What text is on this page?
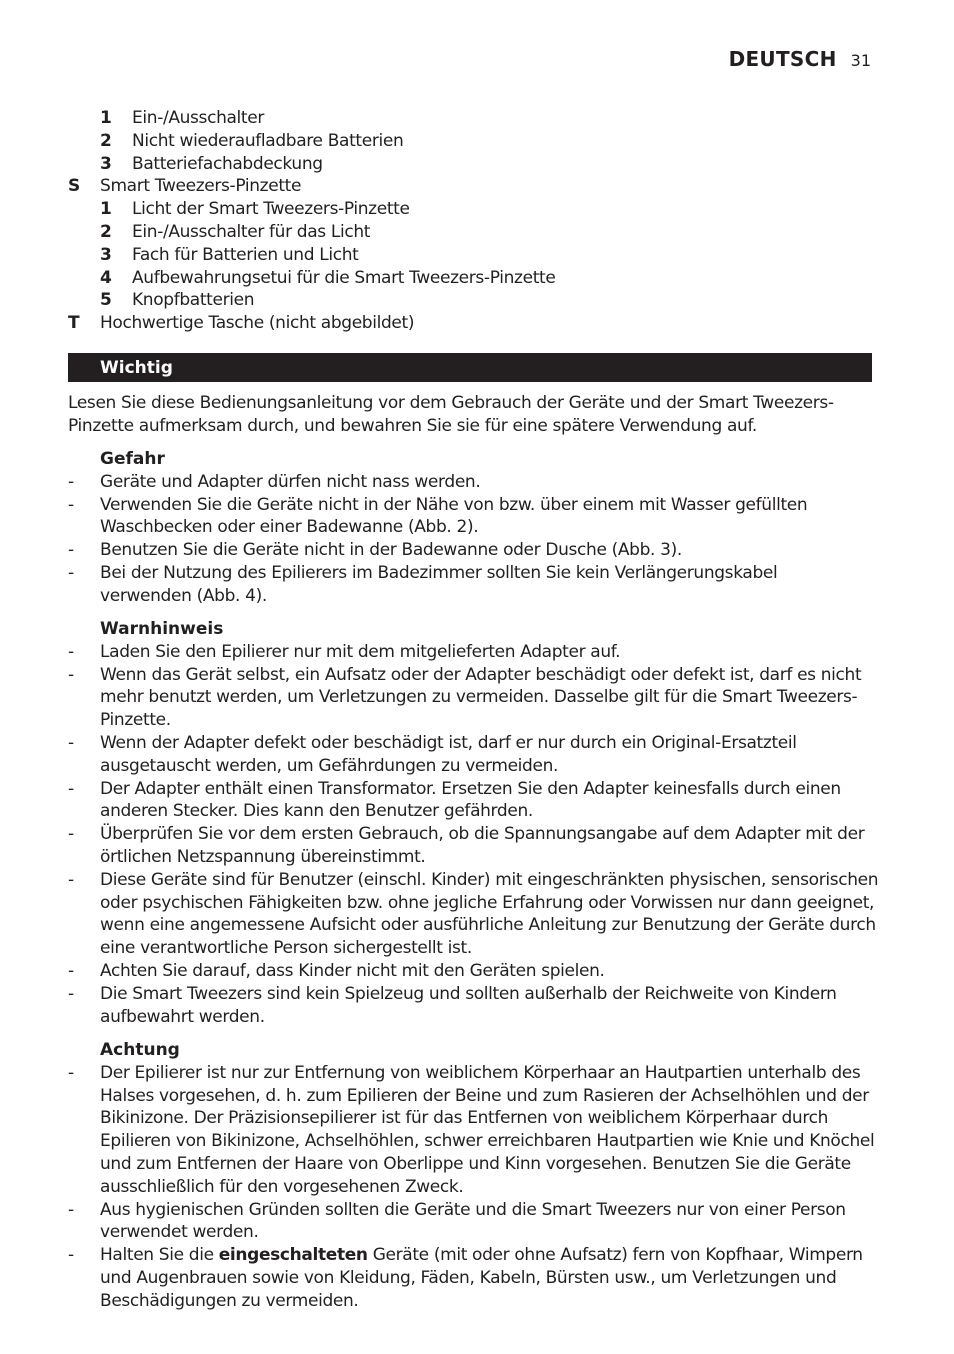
DEUTSCH 31
1 Ein-/Ausschalter
2 Nicht wiederaufladbare Batterien
3 Batteriefachabdeckung
S Smart Tweezers-Pinzette
1 Licht der Smart Tweezers-Pinzette
2 Ein-/Ausschalter für das Licht
3 Fach für Batterien und Licht
4 Aufbewahrungsetui für die Smart Tweezers-Pinzette
5 Knopfbatterien
T Hochwertige Tasche (nicht abgebildet)
Wichtig
Lesen Sie diese Bedienungsanleitung vor dem Gebrauch der Geräte und der Smart Tweezers-
Pinzette aufmerksam durch, und bewahren Sie sie für eine spätere Verwendung auf.
Gefahr
- Geräte und Adapter dürfen nicht nass werden.
- Verwenden Sie die Geräte nicht in der Nähe von bzw. über einem mit Wasser gefüllten
Waschbecken oder einer Badewanne (Abb. 2).
- Benutzen Sie die Geräte nicht in der Badewanne oder Dusche (Abb. 3).
- Bei der Nutzung des Epilierers im Badezimmer sollten Sie kein Verlängerungskabel
verwenden (Abb. 4).
Warnhinweis
- Laden Sie den Epilierer nur mit dem mitgelieferten Adapter auf.
- Wenn das Gerät selbst, ein Aufsatz oder der Adapter beschädigt oder defekt ist, darf es nicht
mehr benutzt werden, um Verletzungen zu vermeiden. Dasselbe gilt für die Smart Tweezers-
Pinzette.
- Wenn der Adapter defekt oder beschädigt ist, darf er nur durch ein Original-Ersatzteil
ausgetauscht werden, um Gefährdungen zu vermeiden.
- Der Adapter enthält einen Transformator. Ersetzen Sie den Adapter keinesfalls durch einen
anderen Stecker. Dies kann den Benutzer gefährden.
- Überprüfen Sie vor dem ersten Gebrauch, ob die Spannungsangabe auf dem Adapter mit der
örtlichen Netzspannung übereinstimmt.
- Diese Geräte sind für Benutzer (einschl. Kinder) mit eingeschränkten physischen, sensorischen
oder psychischen Fähigkeiten bzw. ohne jegliche Erfahrung oder Vorwissen nur dann geeignet,
wenn eine angemessene Aufsicht oder ausführliche Anleitung zur Benutzung der Geräte durch
eine verantwortliche Person sichergestellt ist.
- Achten Sie darauf, dass Kinder nicht mit den Geräten spielen.
- Die Smart Tweezers sind kein Spielzeug und sollten außerhalb der Reichweite von Kindern
aufbewahrt werden.
Achtung
- Der Epilierer ist nur zur Entfernung von weiblichem Körperhaar an Hautpartien unterhalb des
Halses vorgesehen, d. h. zum Epilieren der Beine und zum Rasieren der Achselhöhlen und der
Bikinizone. Der Präzisionsepilierer ist für das Entfernen von weiblichem Körperhaar durch
Epilieren von Bikinizone, Achselhöhlen, schwer erreichbaren Hautpartien wie Knie und Knöchel
und zum Entfernen der Haare von Oberlippe und Kinn vorgesehen. Benutzen Sie die Geräte
ausschließlich für den vorgesehenen Zweck.
- Aus hygienischen Gründen sollten die Geräte und die Smart Tweezers nur von einer Person
verwendet werden.
- Halten Sie die eingeschalteten Geräte (mit oder ohne Aufsatz) fern von Kopfhaar, Wimpern
und Augenbrauen sowie von Kleidung, Fäden, Kabeln, Bürsten usw., um Verletzungen und
Beschädigungen zu vermeiden.
